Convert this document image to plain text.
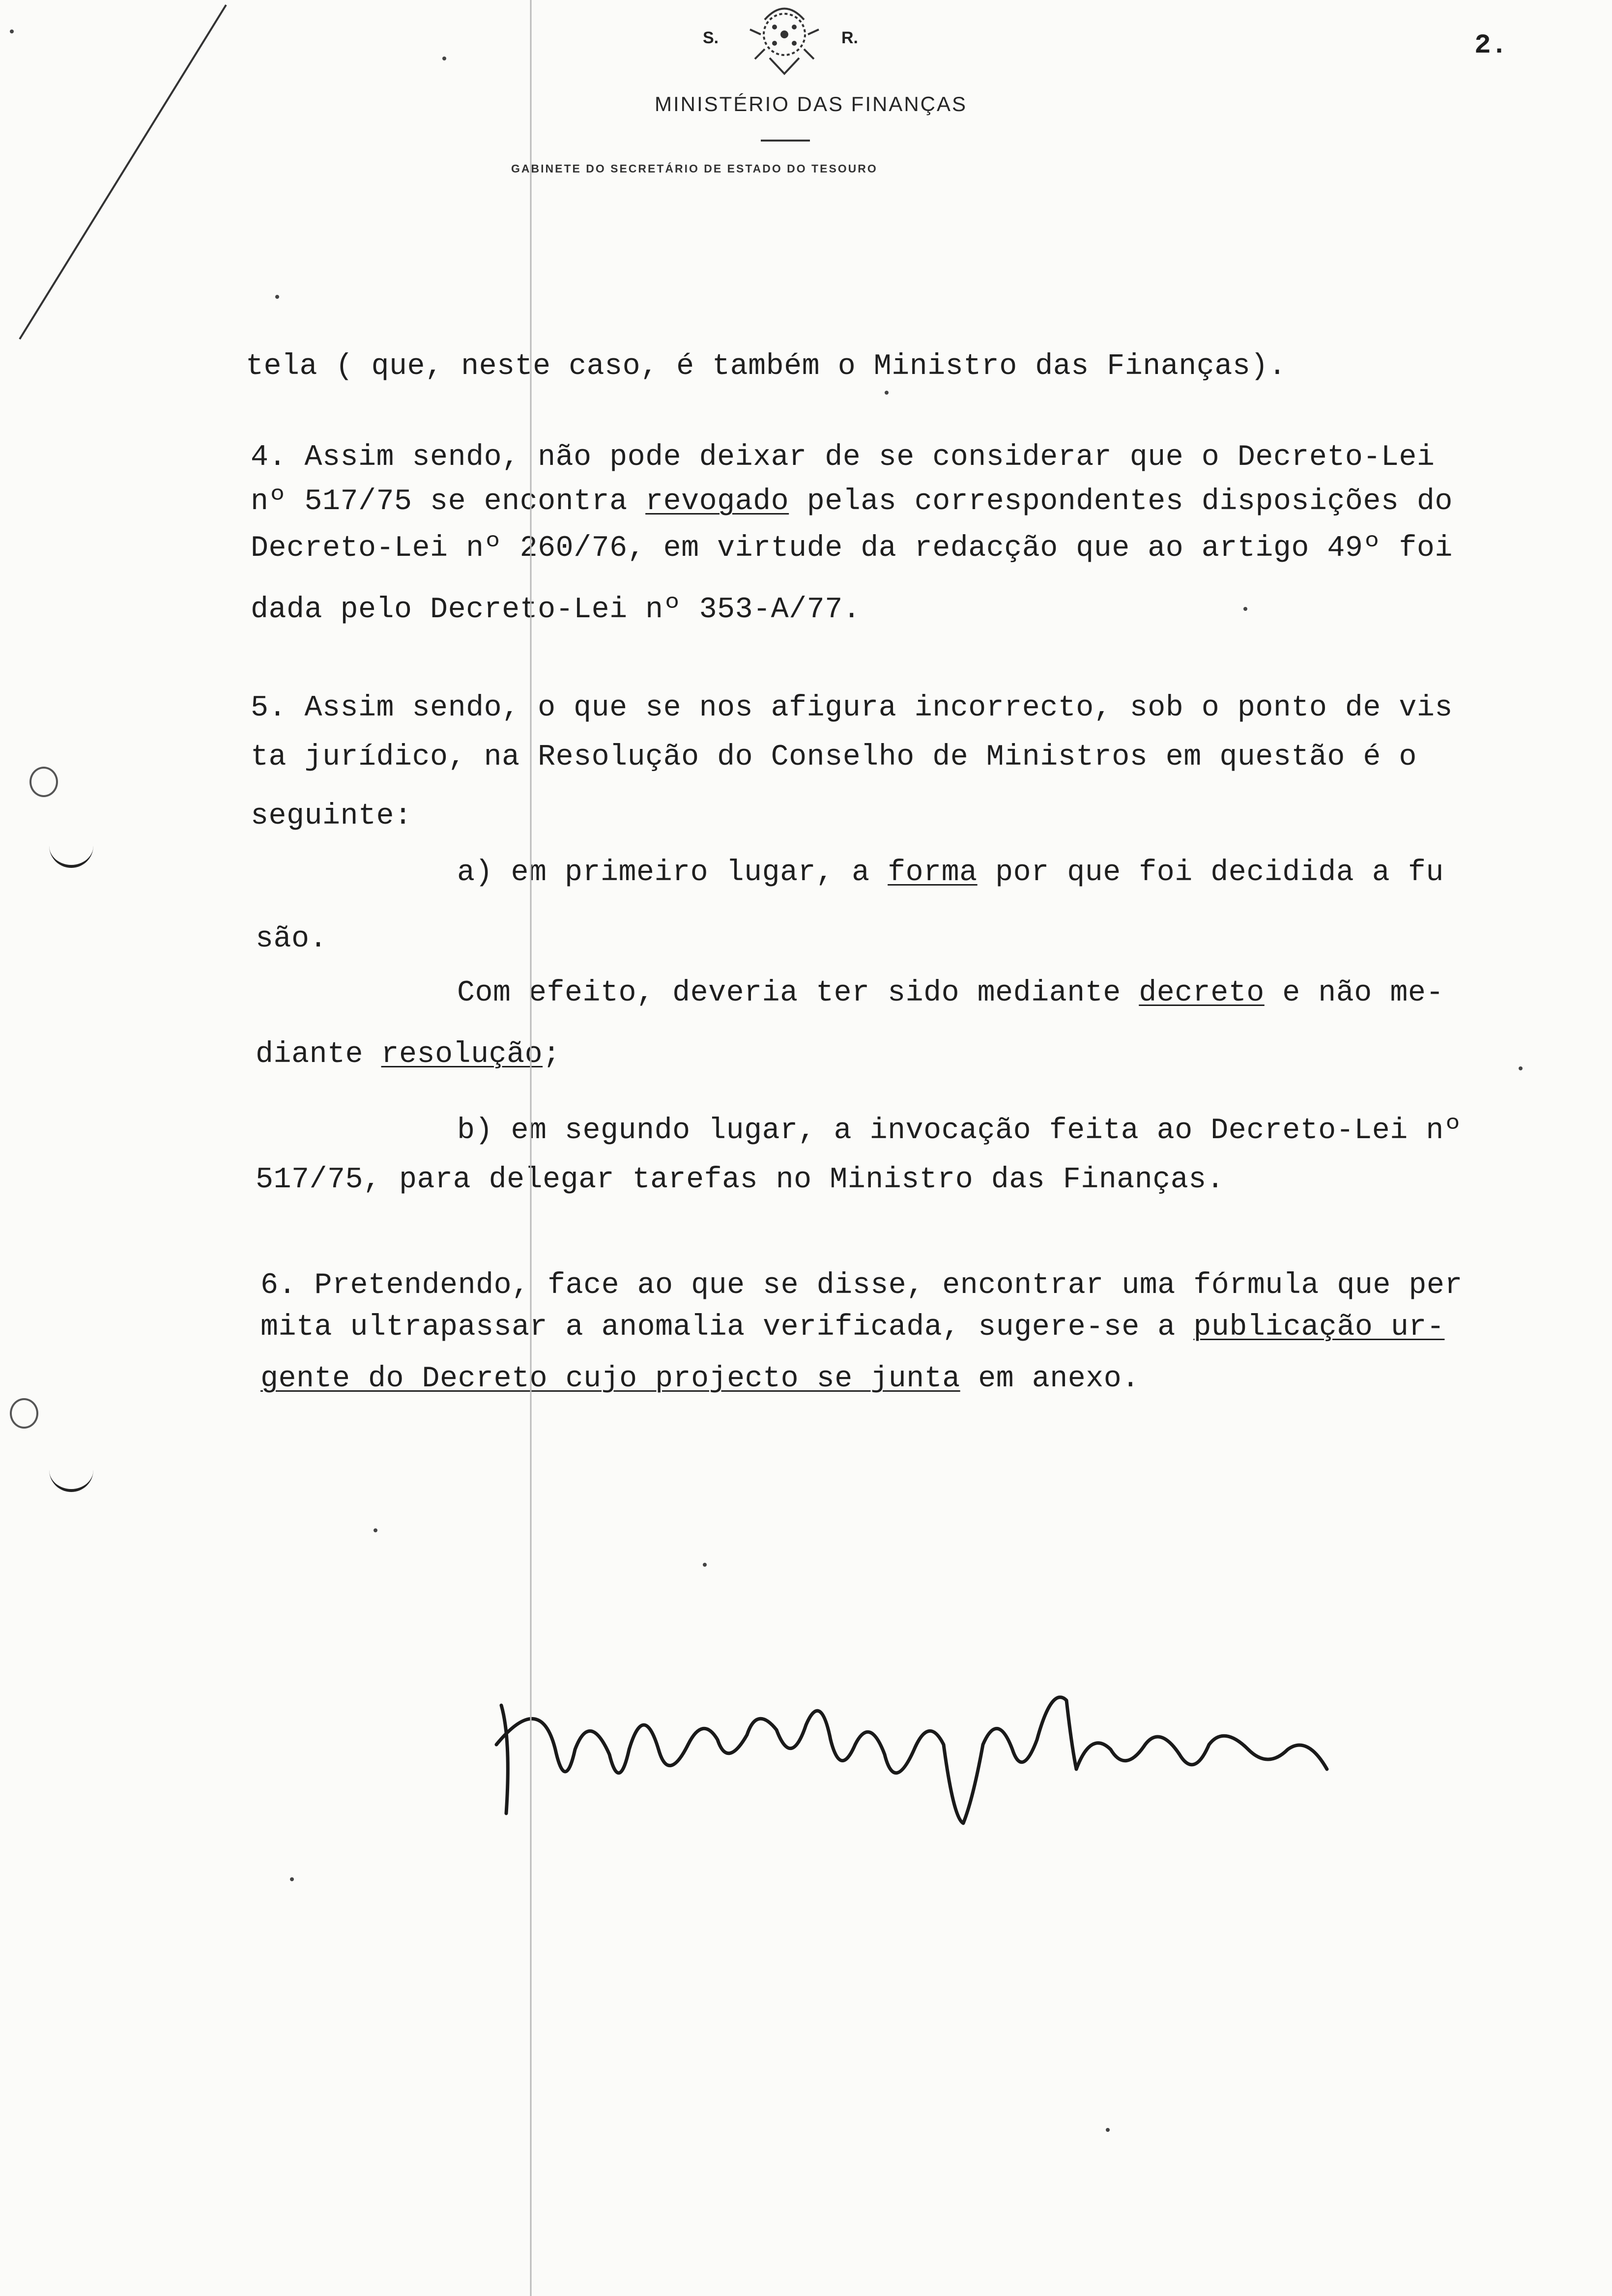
S.	R.
MINISTÉRIO DAS FINANÇAS
GABINETE DO SECRETÁRIO DE ESTADO DO TESOURO
2.
tela ( que, neste caso, é também o Ministro das Finanças).
4. Assim sendo, não pode deixar de se considerar que o Decreto-Lei
nº 517/75 se encontra revogado pelas correspondentes disposições do
Decreto-Lei nº 260/76, em virtude da redacção que ao artigo 49º foi
dada pelo Decreto-Lei nº 353-A/77.
5. Assim sendo, o que se nos afigura incorrecto, sob o ponto de vis
ta jurídico, na Resolução do Conselho de Ministros em questão é o
seguinte:
a) em primeiro lugar, a forma por que foi decidida a fu
são.
Com efeito, deveria ter sido mediante decreto e não me-
diante resolução;
b) em segundo lugar, a invocação feita ao Decreto-Lei nº
517/75, para delegar tarefas no Ministro das Finanças.
6. Pretendendo, face ao que se disse, encontrar uma fórmula que per
mita ultrapassar a anomalia verificada, sugere-se a publicação ur-
gente do Decreto cujo projecto se junta em anexo.
